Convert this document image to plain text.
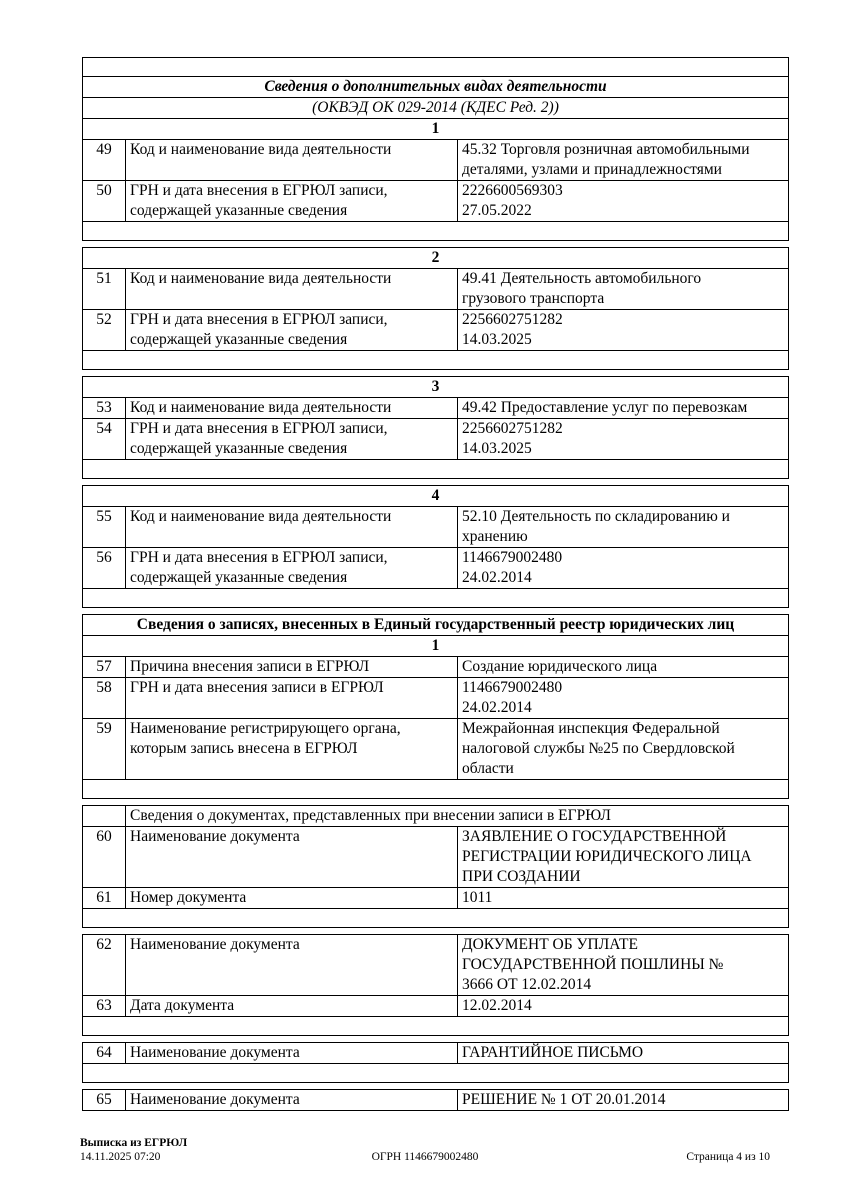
Сведения о дополнительных видах деятельности		
(ОКВЭД ОК 029-2014 (КДЕС Ред. 2))		
1		
49	Код и наименование вида деятельности	45.32 Торговля розничная автомобильными
деталями, узлами и принадлежностями

50	ГРН и дата внесения в ЕГРЮЛ записи, содержащей указанные сведения	2226600569303
27.05.2022

2		
51	Код и наименование вида деятельности	49.41 Деятельность автомобильного
грузового транспорта

52	ГРН и дата внесения в ЕГРЮЛ записи, содержащей указанные сведения	2256602751282
14.03.2025

3		
53	Код и наименование вида деятельности	49.42 Предоставление услуг по перевозкам

54	ГРН и дата внесения в ЕГРЮЛ записи, содержащей указанные сведения	2256602751282
14.03.2025

4		
55	Код и наименование вида деятельности	52.10 Деятельность по складированию и
хранению

56	ГРН и дата внесения в ЕГРЮЛ записи, содержащей указанные сведения	1146679002480
24.02.2014

Сведения о записях, внесенных в Единый государственный реестр юридических лиц		
1		
57	Причина внесения записи в ЕГРЮЛ	Создание юридического лица

58	ГРН и дата внесения записи в ЕГРЮЛ	1146679002480
24.02.2014

59	Наименование регистрирующего органа, которым запись внесена в ЕГРЮЛ	Межрайонная инспекция Федеральной
налоговой службы №25 по Свердловской
области

	Сведения о документах, представленных при внесении записи в ЕГРЮЛ	
60	Наименование документа	ЗАЯВЛЕНИЕ О ГОСУДАРСТВЕННОЙ
РЕГИСТРАЦИИ ЮРИДИЧЕСКОГО ЛИЦА
ПРИ СОЗДАНИИ

61	Номер документа	1011

62	Наименование документа	ДОКУМЕНТ ОБ УПЛАТЕ
ГОСУДАРСТВЕННОЙ ПОШЛИНЫ №
3666 ОТ 12.02.2014

63	Дата документа	12.02.2014

64	Наименование документа	ГАРАНТИЙНОЕ ПИСЬМО

65	Наименование документа	РЕШЕНИЕ № 1 ОТ 20.01.2014
Выписка из ЕГРЮЛ
14.11.2025 07:20	ОГРН 1146679002480	Страница 4 из 10
